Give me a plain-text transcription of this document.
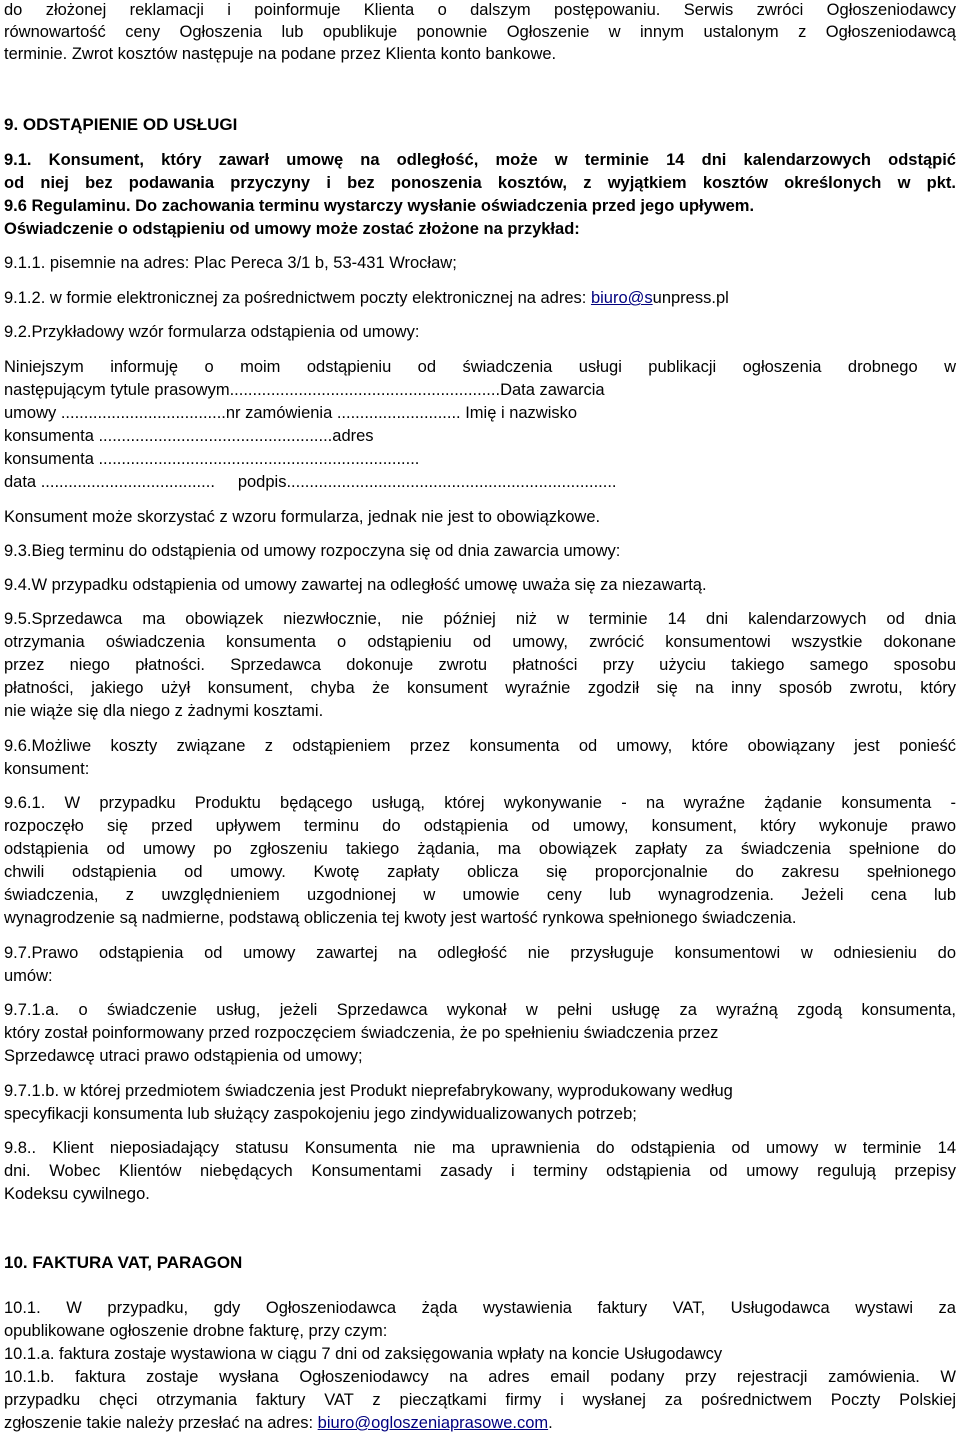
do złożonej reklamacji i poinformuje Klienta o dalszym postępowaniu. Serwis zwróci Ogłoszeniodawcy
równowartość ceny Ogłoszenia lub opublikuje ponownie Ogłoszenie w innym ustalonym z Ogłoszeniodawcą
terminie. Zwrot kosztów następuje na podane przez Klienta konto bankowe.
9. ODSTĄPIENIE OD USŁUGI
9.1. Konsument, który zawarł umowę na odległość, może w terminie 14 dni kalendarzowych odstąpić
od niej bez podawania przyczyny i bez ponoszenia kosztów, z wyjątkiem kosztów określonych w pkt.
9.6 Regulaminu. Do zachowania terminu wystarczy wysłanie oświadczenia przed jego upływem.
Oświadczenie o odstąpieniu od umowy może zostać złożone na przykład:
9.1.1. pisemnie na adres: Plac Pereca 3/1 b, 53-431 Wrocław;
9.1.2. w formie elektronicznej za pośrednictwem poczty elektronicznej na adres: biuro@sunpress.pl
9.2.Przykładowy wzór formularza odstąpienia od umowy:
Niniejszym informuję o moim odstąpieniu od świadczenia usługi publikacji ogłoszenia drobnego w
następującym tytule prasowym...........................................................Data zawarcia
umowy ....................................nr zamówienia ........................... Imię i nazwisko
konsumenta ...................................................adres
konsumenta ......................................................................
data ......................................     podpis........................................................................
Konsument może skorzystać z wzoru formularza, jednak nie jest to obowiązkowe.
9.3.Bieg terminu do odstąpienia od umowy rozpoczyna się od dnia zawarcia umowy:
9.4.W przypadku odstąpienia od umowy zawartej na odległość umowę uważa się za niezawartą.
9.5.Sprzedawca ma obowiązek niezwłocznie, nie później niż w terminie 14 dni kalendarzowych od dnia
otrzymania oświadczenia konsumenta o odstąpieniu od umowy, zwrócić konsumentowi wszystkie dokonane
przez niego płatności. Sprzedawca dokonuje zwrotu płatności przy użyciu takiego samego sposobu
płatności, jakiego użył konsument, chyba że konsument wyraźnie zgodził się na inny sposób zwrotu, który
nie wiąże się dla niego z żadnymi kosztami.
9.6.Możliwe koszty związane z odstąpieniem przez konsumenta od umowy, które obowiązany jest ponieść
konsument:
9.6.1. W przypadku Produktu będącego usługą, której wykonywanie - na wyraźne żądanie konsumenta -
rozpoczęło się przed upływem terminu do odstąpienia od umowy, konsument, który wykonuje prawo
odstąpienia od umowy po zgłoszeniu takiego żądania, ma obowiązek zapłaty za świadczenia spełnione do
chwili odstąpienia od umowy. Kwotę zapłaty oblicza się proporcjonalnie do zakresu spełnionego
świadczenia, z uwzględnieniem uzgodnionej w umowie ceny lub wynagrodzenia. Jeżeli cena lub
wynagrodzenie są nadmierne, podstawą obliczenia tej kwoty jest wartość rynkowa spełnionego świadczenia.
9.7.Prawo odstąpienia od umowy zawartej na odległość nie przysługuje konsumentowi w odniesieniu do
umów:
9.7.1.a. o świadczenie usług, jeżeli Sprzedawca wykonał w pełni usługę za wyraźną zgodą konsumenta,
który został poinformowany przed rozpoczęciem świadczenia, że po spełnieniu świadczenia przez
Sprzedawcę utraci prawo odstąpienia od umowy;
9.7.1.b. w której przedmiotem świadczenia jest Produkt nieprefabrykowany, wyprodukowany według
specyfikacji konsumenta lub służący zaspokojeniu jego zindywidualizowanych potrzeb;
9.8.. Klient nieposiadający statusu Konsumenta nie ma uprawnienia do odstąpienia od umowy w terminie 14
dni. Wobec Klientów niebędących Konsumentami zasady i terminy odstąpienia od umowy regulują przepisy
Kodeksu cywilnego.
10. FAKTURA VAT, PARAGON
10.1. W przypadku, gdy Ogłoszeniodawca żąda wystawienia faktury VAT, Usługodawca wystawi za
opublikowane ogłoszenie drobne fakturę, przy czym:
10.1.a. faktura zostaje wystawiona w ciągu 7 dni od zaksięgowania wpłaty na koncie Usługodawcy
10.1.b. faktura zostaje wysłana Ogłoszeniodawcy na adres email podany przy rejestracji zamówienia. W
przypadku chęci otrzymania faktury VAT z pieczątkami firmy i wysłanej za pośrednictwem Poczty Polskiej
zgłoszenie takie należy przesłać na adres: biuro@ogloszeniaprasowe.com.
